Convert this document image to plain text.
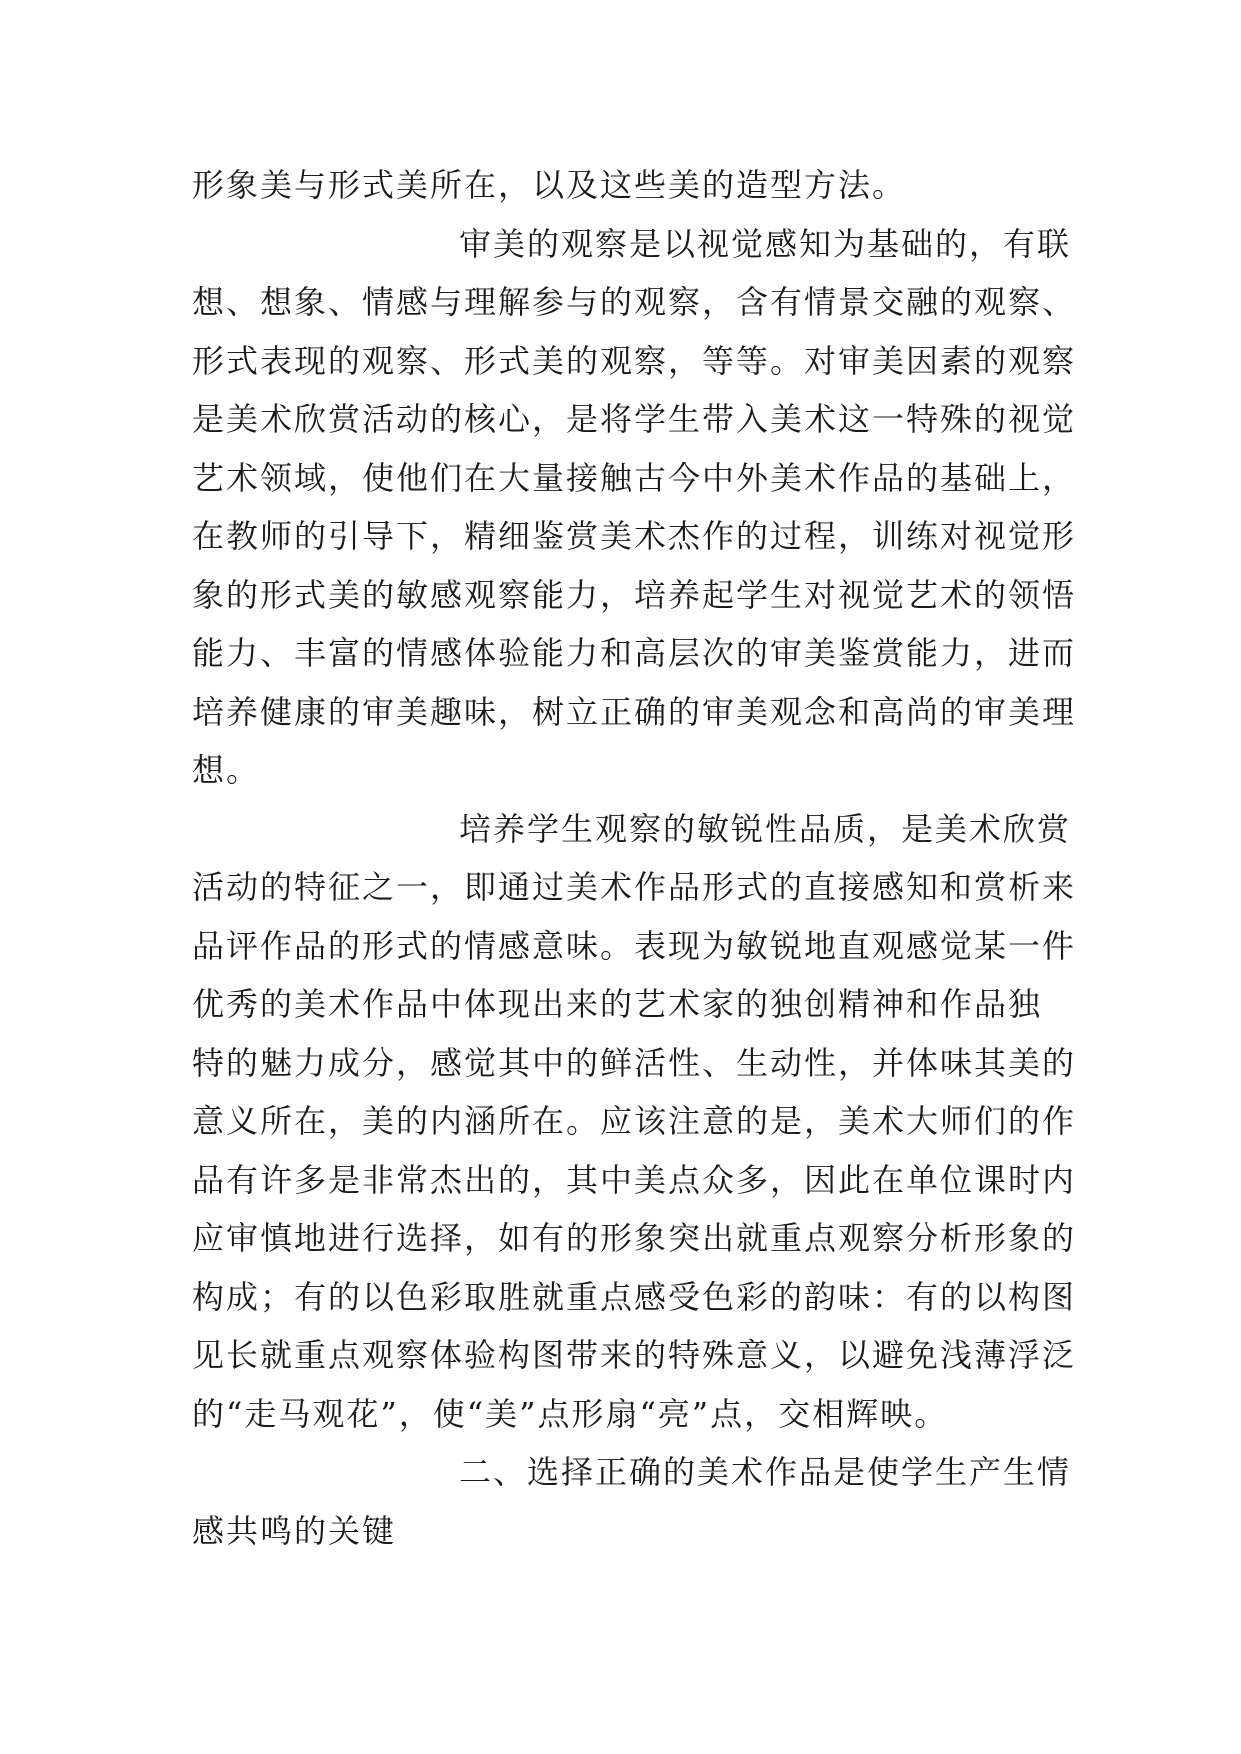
形象美与形式美所在，以及这些美的造型方法。
审美的观察是以视觉感知为基础的，有联
想、想象、情感与理解参与的观察，含有情景交融的观察、
形式表现的观察、形式美的观察，等等。对审美因素的观察
是美术欣赏活动的核心，是将学生带入美术这一特殊的视觉
艺术领域，使他们在大量接触古今中外美术作品的基础上，
在教师的引导下，精细鉴赏美术杰作的过程，训练对视觉形
象的形式美的敏感观察能力，培养起学生对视觉艺术的领悟
能力、丰富的情感体验能力和高层次的审美鉴赏能力，进而
培养健康的审美趣味，树立正确的审美观念和高尚的审美理
想。
培养学生观察的敏锐性品质，是美术欣赏
活动的特征之一，即通过美术作品形式的直接感知和赏析来
品评作品的形式的情感意味。表现为敏锐地直观感觉某一件
优秀的美术作品中体现出来的艺术家的独创精神和作品独
特的魅力成分，感觉其中的鲜活性、生动性，并体味其美的
意义所在，美的内涵所在。应该注意的是，美术大师们的作
品有许多是非常杰出的，其中美点众多，因此在单位课时内
应审慎地进行选择，如有的形象突出就重点观察分析形象的
构成；有的以色彩取胜就重点感受色彩的韵味：有的以构图
见长就重点观察体验构图带来的特殊意义，以避免浅薄浮泛
的“走马观花”，使“美”点形扇“亮”点，交相辉映。
二、选择正确的美术作品是使学生产生情
感共鸣的关键
